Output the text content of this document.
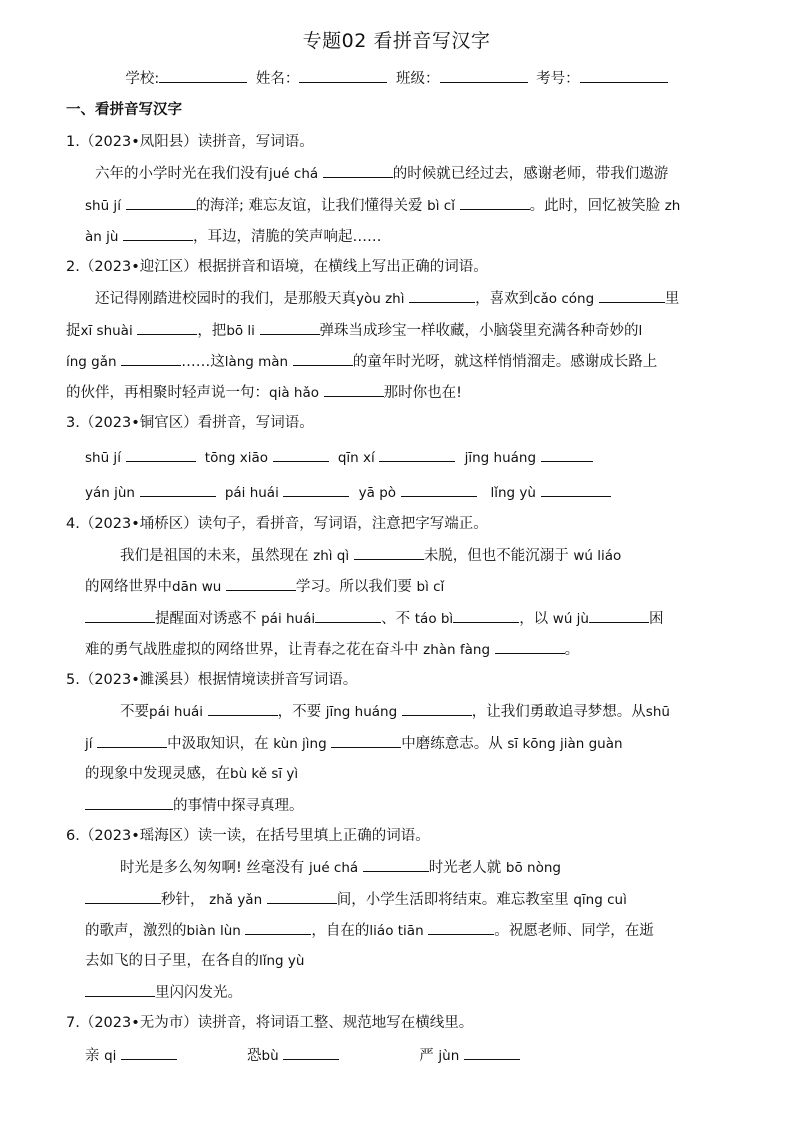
专题02 看拼音写汉字
学校:	姓名：	班级：	考号：
一、看拼音写汉字
1.（2023•凤阳县）读拼音，写词语。
六年的小学时光在我们没有jué chá	的时候就已经过去，感谢老师，带我们遨游
shū jí	的海洋; 难忘友谊，让我们懂得关爱 bì cǐ	。此时，回忆被笑脸 zh
àn jù	，耳边，清脆的笑声响起……
2.（2023•迎江区）根据拼音和语境，在横线上写出正确的词语。
还记得刚踏进校园时的我们，是那般天真yòu zhì	，喜欢到cǎo cóng	里
捉xī shuài	，把bō li	弹珠当成珍宝一样收藏，小脑袋里充满各种奇妙的l
íng gǎn	……这làng màn	的童年时光呀，就这样悄悄溜走。感谢成长路上
的伙伴，再相聚时轻声说一句：qià hǎo	那时你也在!
3.（2023•铜官区）看拼音，写词语。
shū jí	tōng xiāo	qīn xí	jīng huáng
yán jùn	pái huái	yā pò	lǐng yù
4.（2023•埇桥区）读句子，看拼音，写词语，注意把字写端正。
我们是祖国的未来，虽然现在 zhì qì	未脱，但也不能沉溺于 wú liáo
的网络世界中dān wu	学习。所以我们要 bì cǐ
提醒面对诱惑不 pái huái	、不 táo bì	，以 wú jù	困
难的勇气战胜虚拟的网络世界，让青春之花在奋斗中 zhàn fàng	。
5.（2023•濉溪县）根据情境读拼音写词语。
不要pái huái	，不要 jīng huáng	，让我们勇敢追寻梦想。从shū
jí	中汲取知识，在 kùn jìng	中磨练意志。从 sī kōng jiàn guàn
的现象中发现灵感，在bù kě sī yì
的事情中探寻真理。
6.（2023•瑶海区）读一读，在括号里填上正确的词语。
时光是多么匆匆啊! 丝毫没有 jué chá	时光老人就 bō nòng
秒针， zhǎ yǎn	间，小学生活即将结束。难忘教室里 qīng cuì
的歌声，激烈的biàn lùn	，自在的liáo tiān	。祝愿老师、同学，在逝
去如飞的日子里，在各自的lǐng yù
里闪闪发光。
7.（2023•无为市）读拼音，将词语工整、规范地写在横线里。
亲 qi	恐bù	严 jùn
